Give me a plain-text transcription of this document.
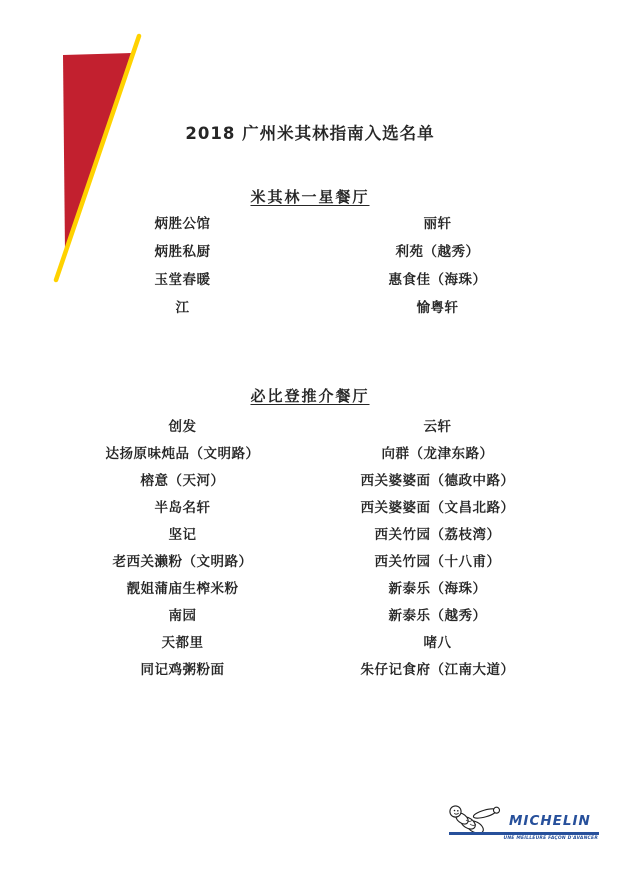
2018 广州米其林指南入选名单
米其林一星餐厅
炳胜公馆	丽轩
炳胜私厨	利苑（越秀）
玉堂春暖	惠食佳（海珠）
江	愉粤轩
必比登推介餐厅
创发	云轩
达扬原味炖品（文明路）	向群（龙津东路）
榕意（天河）	西关婆婆面（德政中路）
半岛名轩	西关婆婆面（文昌北路）
坚记	西关竹园（荔枝湾）
老西关濑粉（文明路）	西关竹园（十八甫）
靓姐蒲庙生榨米粉	新泰乐（海珠）
南园	新泰乐（越秀）
天都里	啫八
同记鸡粥粉面	朱仔记食府（江南大道）
MICHELIN
UNE MEILLEURE FAÇON D'AVANCER
